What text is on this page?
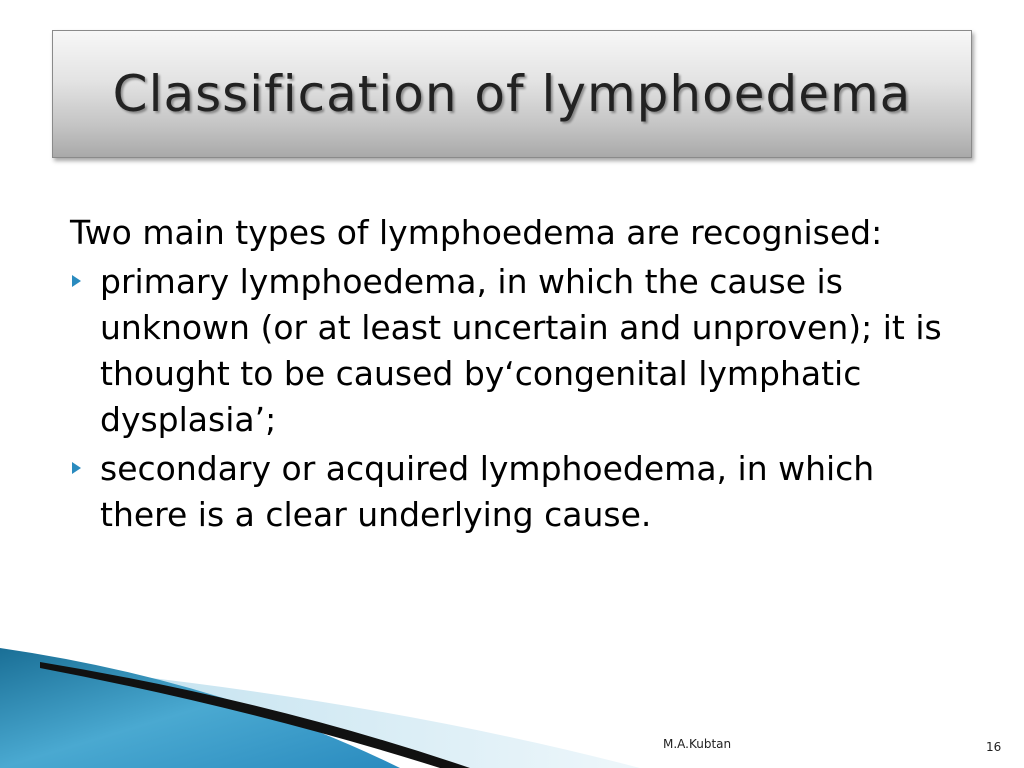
Classification of lymphoedema

Two main types of lymphoedema are recognised:

primary lymphoedema, in which the cause is unknown (or at least uncertain and unproven); it is thought to be caused by‘congenital lymphatic dysplasia’;
secondary or acquired lymphoedema, in which there is a clear underlying cause.
M.A.Kubtan	16
